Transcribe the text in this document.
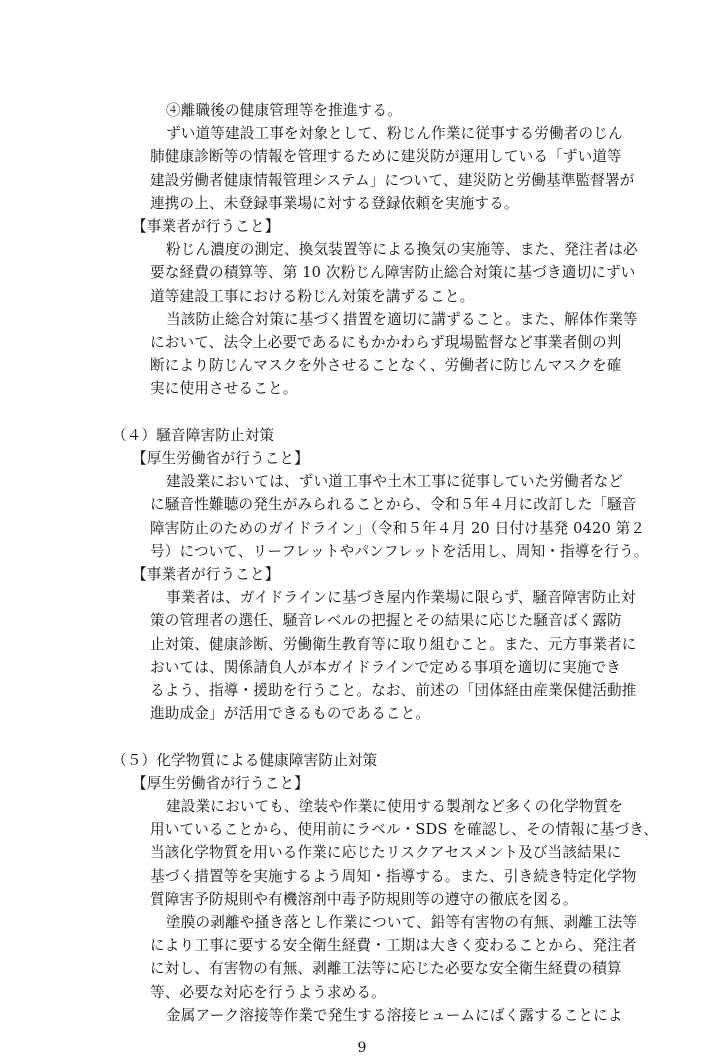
④離職後の健康管理等を推進する。

ずい道等建設工事を対象として、粉じん作業に従事する労働者のじん

肺健康診断等の情報を管理するために建災防が運用している「ずい道等

建設労働者健康情報管理システム」について、建災防と労働基準監督署が

連携の上、未登録事業場に対する登録依頼を実施する。

【事業者が行うこと】

粉じん濃度の測定、換気装置等による換気の実施等、また、発注者は必

要な経費の積算等、第 10 次粉じん障害防止総合対策に基づき適切にずい

道等建設工事における粉じん対策を講ずること。

当該防止総合対策に基づく措置を適切に講ずること。また、解体作業等

において、法令上必要であるにもかかわらず現場監督など事業者側の判

断により防じんマスクを外させることなく、労働者に防じんマスクを確

実に使用させること。

（４）騒音障害防止対策

【厚生労働省が行うこと】

建設業においては、ずい道工事や土木工事に従事していた労働者など

に騒音性難聴の発生がみられることから、令和５年４月に改訂した「騒音

障害防止のためのガイドライン」（令和５年４月 20 日付け基発 0420 第２

号）について、リーフレットやパンフレットを活用し、周知・指導を行う。

【事業者が行うこと】

事業者は、ガイドラインに基づき屋内作業場に限らず、騒音障害防止対

策の管理者の選任、騒音レベルの把握とその結果に応じた騒音ばく露防

止対策、健康診断、労働衛生教育等に取り組むこと。また、元方事業者に

おいては、関係請負人が本ガイドラインで定める事項を適切に実施でき

るよう、指導・援助を行うこと。なお、前述の「団体経由産業保健活動推

進助成金」が活用できるものであること。

（５）化学物質による健康障害防止対策

【厚生労働省が行うこと】

建設業においても、塗装や作業に使用する製剤など多くの化学物質を

用いていることから、使用前にラベル・SDS を確認し、その情報に基づき、

当該化学物質を用いる作業に応じたリスクアセスメント及び当該結果に

基づく措置等を実施するよう周知・指導する。また、引き続き特定化学物

質障害予防規則や有機溶剤中毒予防規則等の遵守の徹底を図る。

塗膜の剥離や掻き落とし作業について、鉛等有害物の有無、剥離工法等

により工事に要する安全衛生経費・工期は大きく変わることから、発注者

に対し、有害物の有無、剥離工法等に応じた必要な安全衛生経費の積算

等、必要な対応を行うよう求める。

金属アーク溶接等作業で発生する溶接ヒュームにばく露することによ

9
